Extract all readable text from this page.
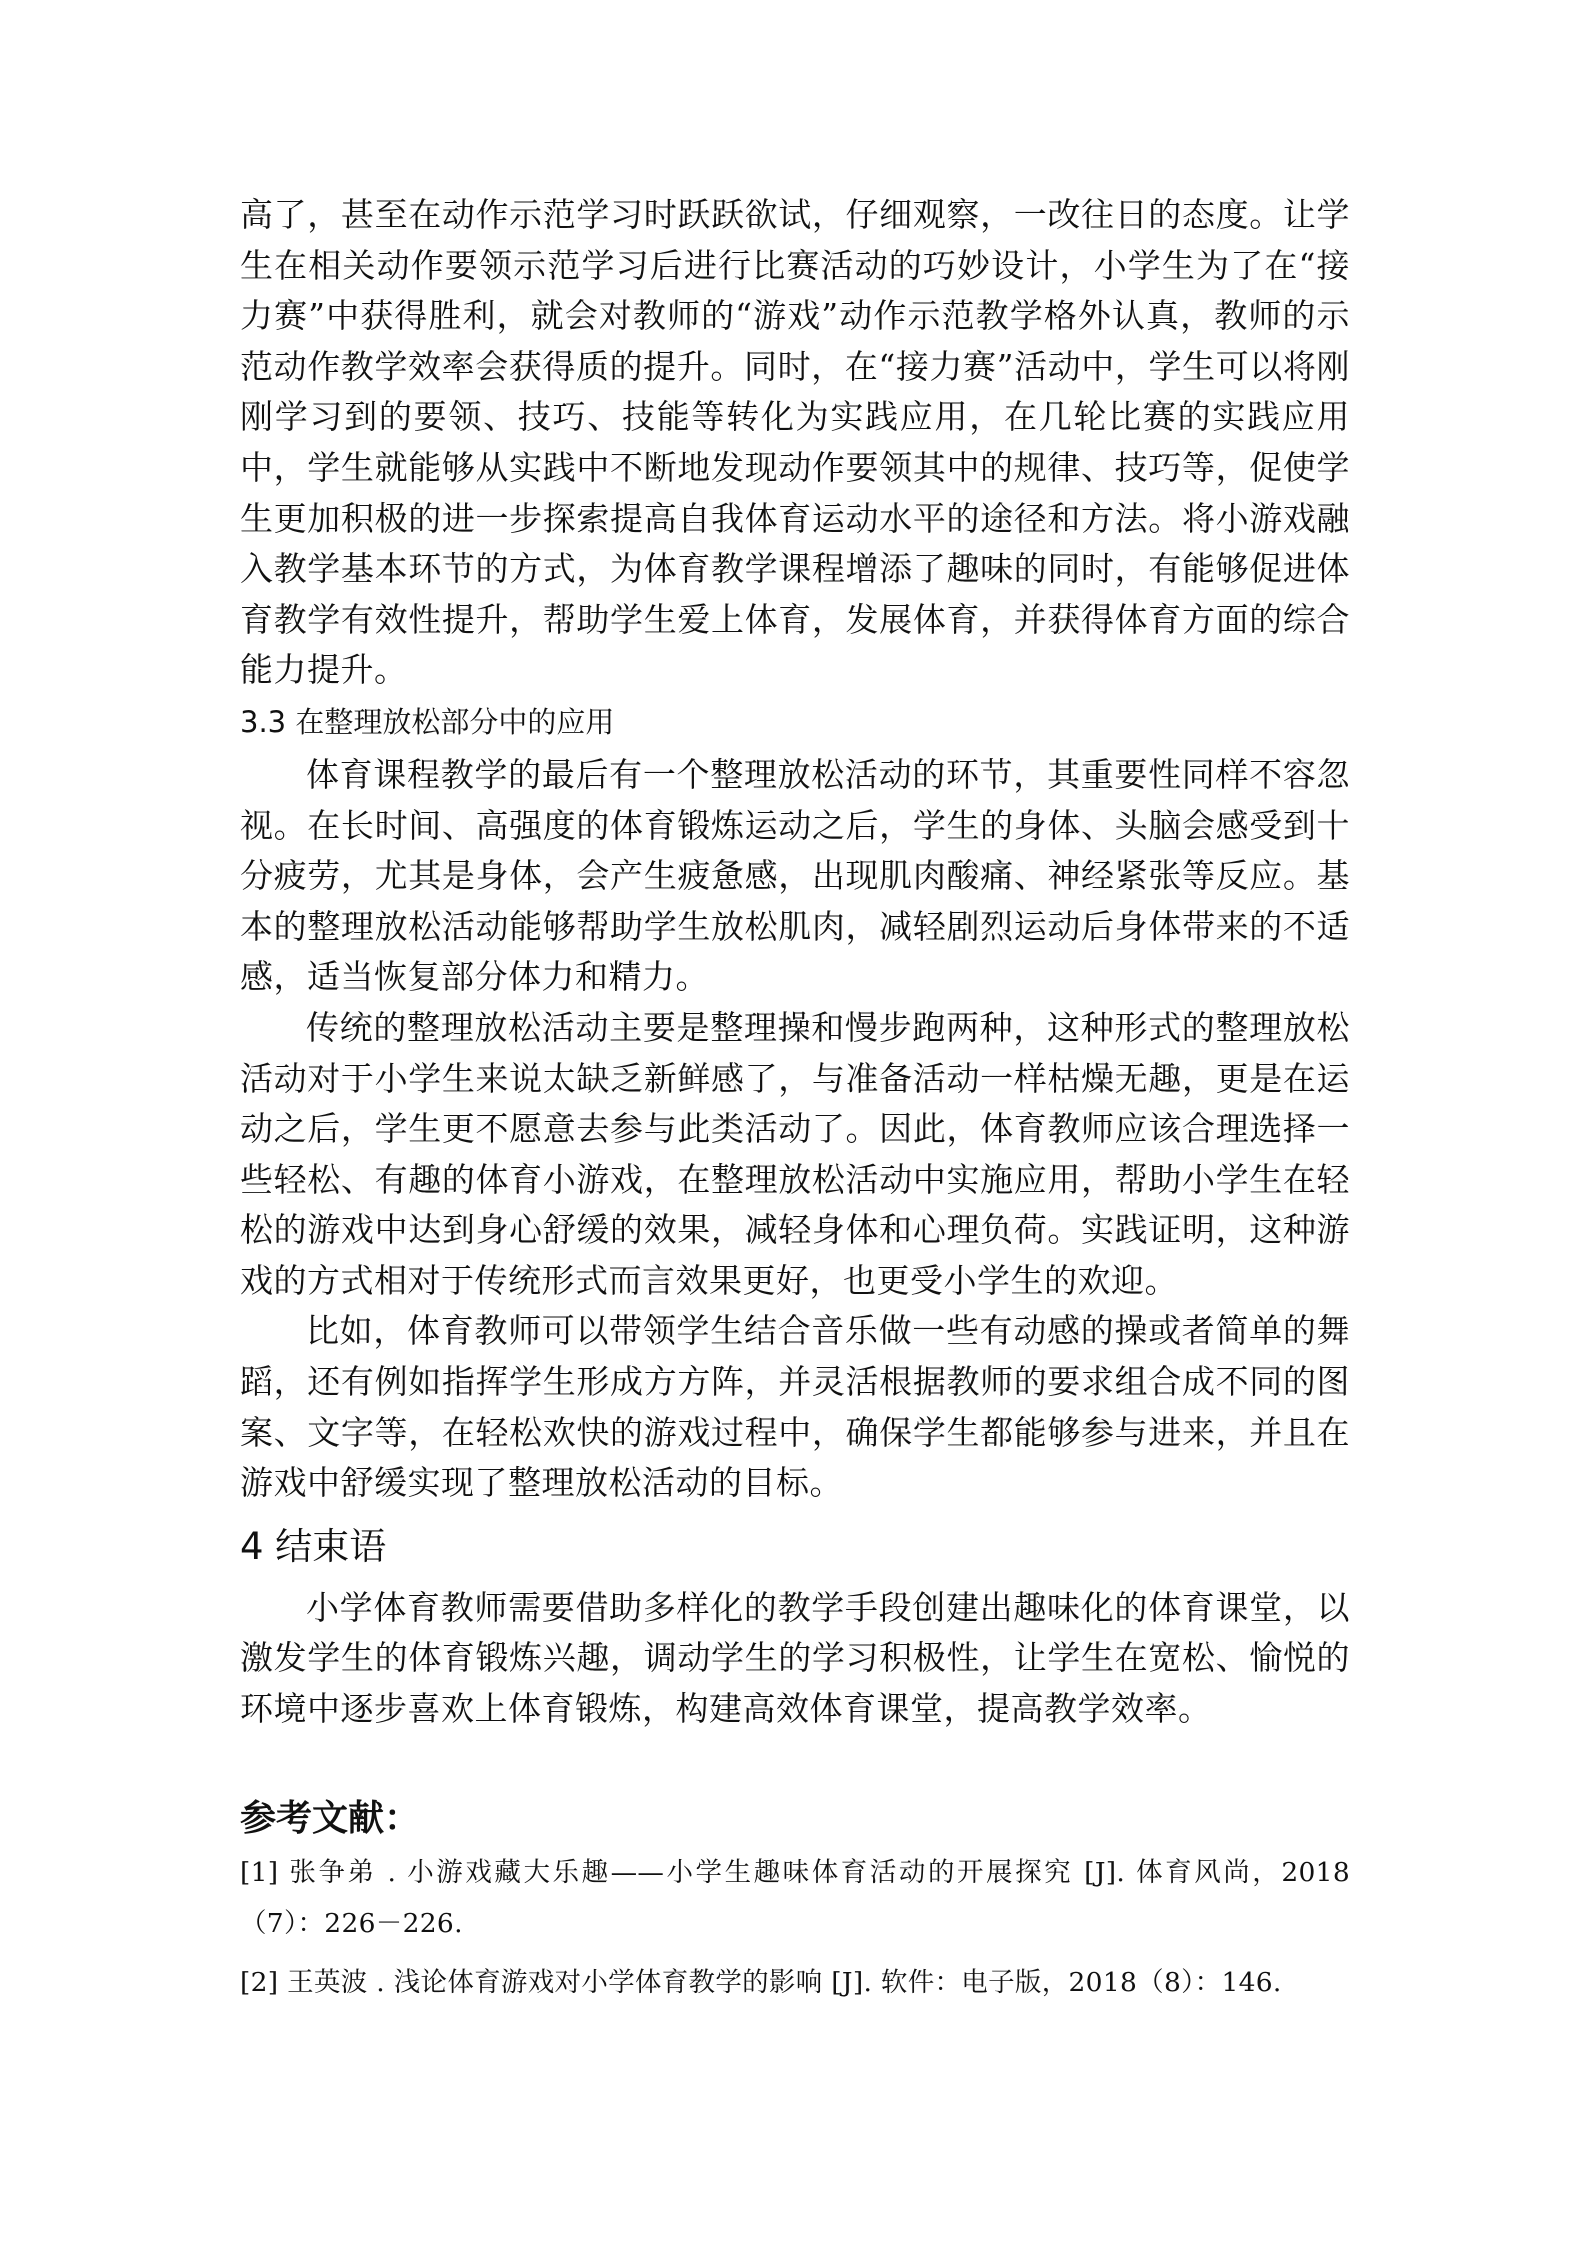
高了，甚至在动作示范学习时跃跃欲试，仔细观察，一改往日的态度。让学生在相关动作要领示范学习后进行比赛活动的巧妙设计，小学生为了在“接力赛”中获得胜利，就会对教师的“游戏”动作示范教学格外认真，教师的示范动作教学效率会获得质的提升。同时，在“接力赛”活动中，学生可以将刚刚学习到的要领、技巧、技能等转化为实践应用，在几轮比赛的实践应用中，学生就能够从实践中不断地发现动作要领其中的规律、技巧等，促使学生更加积极的进一步探索提高自我体育运动水平的途径和方法。将小游戏融入教学基本环节的方式，为体育教学课程增添了趣味的同时，有能够促进体育教学有效性提升，帮助学生爱上体育，发展体育，并获得体育方面的综合能力提升。

3.3 在整理放松部分中的应用

体育课程教学的最后有一个整理放松活动的环节，其重要性同样不容忽视。在长时间、高强度的体育锻炼运动之后，学生的身体、头脑会感受到十分疲劳，尤其是身体，会产生疲惫感，出现肌肉酸痛、神经紧张等反应。基本的整理放松活动能够帮助学生放松肌肉，减轻剧烈运动后身体带来的不适感，适当恢复部分体力和精力。

传统的整理放松活动主要是整理操和慢步跑两种，这种形式的整理放松活动对于小学生来说太缺乏新鲜感了，与准备活动一样枯燥无趣，更是在运动之后，学生更不愿意去参与此类活动了。因此，体育教师应该合理选择一些轻松、有趣的体育小游戏，在整理放松活动中实施应用，帮助小学生在轻松的游戏中达到身心舒缓的效果，减轻身体和心理负荷。实践证明，这种游戏的方式相对于传统形式而言效果更好，也更受小学生的欢迎。

比如，体育教师可以带领学生结合音乐做一些有动感的操或者简单的舞蹈，还有例如指挥学生形成方方阵，并灵活根据教师的要求组合成不同的图案、文字等，在轻松欢快的游戏过程中，确保学生都能够参与进来，并且在游戏中舒缓实现了整理放松活动的目标。

4 结束语

小学体育教师需要借助多样化的教学手段创建出趣味化的体育课堂，以激发学生的体育锻炼兴趣，调动学生的学习积极性，让学生在宽松、愉悦的环境中逐步喜欢上体育锻炼，构建高效体育课堂，提高教学效率。

参考文献：

[1] 张争弟 . 小游戏藏大乐趣——小学生趣味体育活动的开展探究 [J]. 体育风尚，2018（7）：226－226.

[2] 王英波 . 浅论体育游戏对小学体育教学的影响 [J]. 软件：电子版，2018（8）：146.
